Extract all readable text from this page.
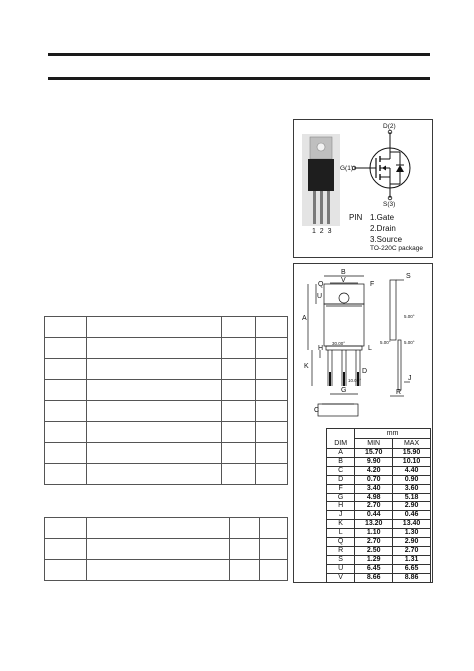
1  2  3
D(2)
G(1)
S(3)
PIN 1.Gate
2.Drain
3.Source
TO-220C package
B
V
S
F
Q
U
A
H	L
K
D
G	R
J
C
30.00°
5.00°
5.00°	5.00°
10.00°
	mm	
DIM	MIN	MAX
A	15.70	15.90
B	9.90	10.10
C	4.20	4.40
D	0.70	0.90
F	3.40	3.60
G	4.98	5.18
H	2.70	2.90
J	0.44	0.46
K	13.20	13.40
L	1.10	1.30
Q	2.70	2.90
R	2.50	2.70
S	1.29	1.31
U	6.45	6.65
V	8.66	8.86
